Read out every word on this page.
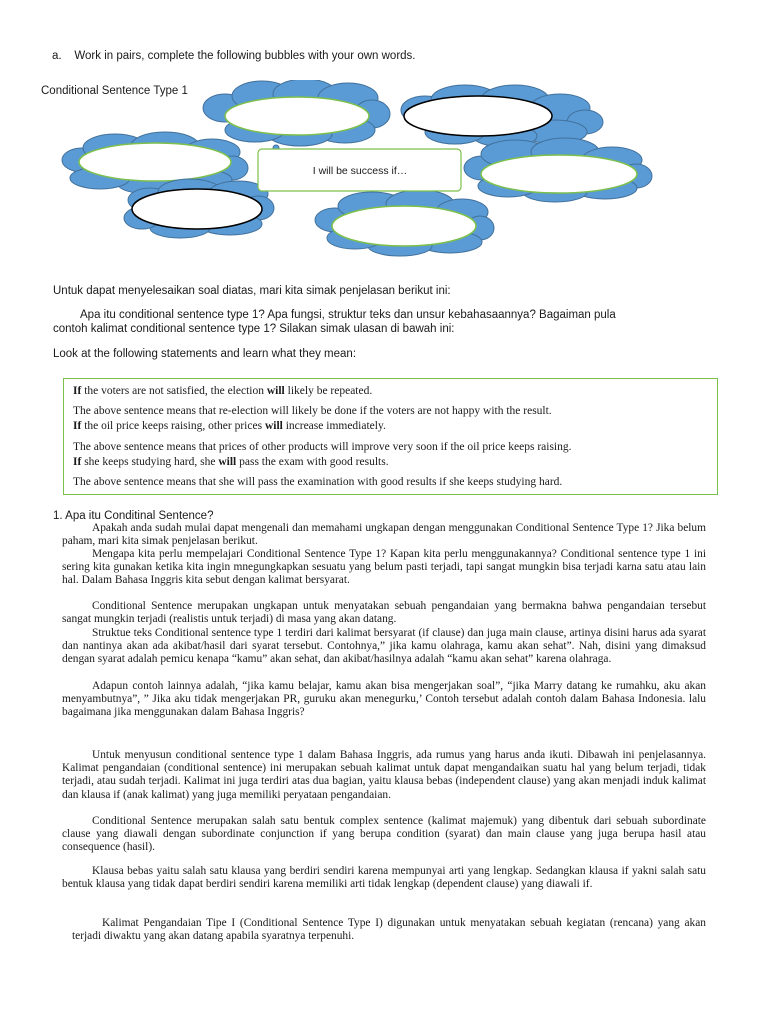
a. Work in pairs, complete the following bubbles with your own words.
Conditional Sentence Type 1
I will be success if…
Untuk dapat menyelesaikan soal diatas, mari kita simak penjelasan berikut ini:
Apa itu conditional sentence type 1? Apa fungsi, struktur teks dan unsur kebahasaannya? Bagaiman pula
contoh kalimat conditional sentence type 1? Silakan simak ulasan di bawah ini:
Look at the following statements and learn what they mean:

If the voters are not satisfied, the election will likely be repeated.

The above sentence means that re-election will likely be done if the voters are not happy with the result.

If the oil price keeps raising, other prices will increase immediately.

The above sentence means that prices of other products will improve very soon if the oil price keeps raising.

If she keeps studying hard, she will pass the exam with good results.

The above sentence means that she will pass the examination with good results if she keeps studying hard.

1. Apa itu Conditinal Sentence?

Apakah anda sudah mulai dapat mengenali dan memahami ungkapan dengan menggunakan Conditional Sentence Type 1? Jika belum paham, mari kita simak penjelasan berikut.

Mengapa kita perlu mempelajari Conditional Sentence Type 1? Kapan kita perlu menggunakannya? Conditional sentence type 1 ini sering kita gunakan ketika kita ingin mnegungkapkan sesuatu yang belum pasti terjadi, tapi sangat mungkin bisa terjadi karna satu atau lain hal. Dalam Bahasa Inggris kita sebut dengan kalimat bersyarat.

Conditional Sentence merupakan ungkapan untuk menyatakan sebuah pengandaian yang bermakna bahwa pengandaian tersebut sangat mungkin terjadi (realistis untuk terjadi) di masa yang akan datang.

Struktue teks Conditional sentence type 1 terdiri dari kalimat bersyarat (if clause) dan juga main clause, artinya disini harus ada syarat dan nantinya akan ada akibat/hasil dari syarat tersebut. Contohnya,” jika kamu olahraga, kamu akan sehat”. Nah, disini yang dimaksud dengan syarat adalah pemicu kenapa “kamu” akan sehat, dan akibat/hasilnya adalah “kamu akan sehat” karena olahraga.

Adapun contoh lainnya adalah, “jika kamu belajar, kamu akan bisa mengerjakan soal”, “jika Marry datang ke rumahku, aku akan menyambutnya”, ” Jika aku tidak mengerjakan PR, guruku akan menegurku,’ Contoh tersebut adalah contoh dalam Bahasa Indonesia. lalu bagaimana jika menggunakan dalam Bahasa Inggris?

Untuk menyusun conditional sentence type 1 dalam Bahasa Inggris, ada rumus yang harus anda ikuti. Dibawah ini penjelasannya. Kalimat pengandaian (conditional sentence) ini merupakan sebuah kalimat untuk dapat mengandaikan suatu hal yang belum terjadi, tidak terjadi, atau sudah terjadi. Kalimat ini juga terdiri atas dua bagian, yaitu klausa bebas (independent clause) yang akan menjadi induk kalimat dan klausa if (anak kalimat) yang juga memiliki peryataan pengandaian.

Conditional Sentence merupakan salah satu bentuk complex sentence (kalimat majemuk) yang dibentuk dari sebuah subordinate clause yang diawali dengan subordinate conjunction if yang berupa condition (syarat) dan main clause yang juga berupa hasil atau consequence (hasil).

Klausa bebas yaitu salah satu klausa yang berdiri sendiri karena mempunyai arti yang lengkap. Sedangkan klausa if yakni salah satu bentuk klausa yang tidak dapat berdiri sendiri karena memiliki arti tidak lengkap (dependent clause) yang diawali if.

Kalimat Pengandaian Tipe I (Conditional Sentence Type I) digunakan untuk menyatakan sebuah kegiatan (rencana) yang akan terjadi diwaktu yang akan datang apabila syaratnya terpenuhi.
